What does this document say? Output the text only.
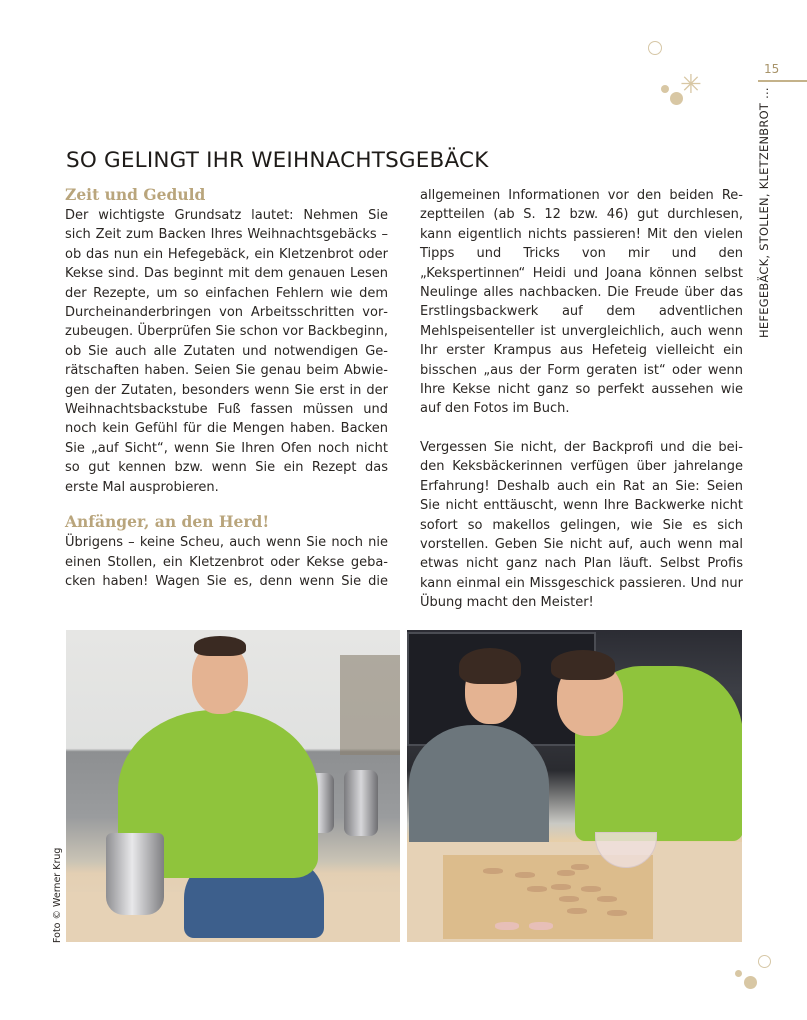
15
HEFEGEBÄCK, STOLLEN, KLETZENBROT ...
✳
SO GELINGT IHR WEIHNACHTSGEBÄCK
Zeit und Geduld

Der wichtigste Grundsatz lautet: Nehmen Sie sich Zeit zum Backen Ihres Weihnachtsgebäcks – ob das nun ein Hefegebäck, ein Kletzenbrot oder Kekse sind. Das beginnt mit dem genauen Lesen der Rezepte, um so einfachen Fehlern wie dem Durcheinanderbringen von Arbeitsschritten vorzubeugen. Überprüfen Sie schon vor Backbeginn, ob Sie auch alle Zutaten und notwendigen Gerätschaften haben. Seien Sie genau beim Abwiegen der Zutaten, besonders wenn Sie erst in der Weihnachtsbackstube Fuß fassen müssen und noch kein Gefühl für die Mengen haben. Backen Sie „auf Sicht“, wenn Sie Ihren Ofen noch nicht so gut kennen bzw. wenn Sie ein Rezept das erste Mal ausprobieren.

Anfänger, an den Herd!

Übrigens – keine Scheu, auch wenn Sie noch nie einen Stollen, ein Kletzenbrot oder Kekse gebacken haben! Wagen Sie es, denn wenn Sie die

allgemeinen Informationen vor den beiden Rezeptteilen (ab S. 12 bzw. 46) gut durchlesen, kann eigentlich nichts passieren! Mit den vielen Tipps und Tricks von mir und den „Kekspertinnen“ Heidi und Joana können selbst Neulinge alles nachbacken. Die Freude über das Erstlingsbackwerk auf dem adventlichen Mehlspeisenteller ist unvergleichlich, auch wenn Ihr erster Krampus aus Hefeteig vielleicht ein bisschen „aus der Form geraten ist“ oder wenn Ihre Kekse nicht ganz so perfekt aussehen wie auf den Fotos im Buch.

Vergessen Sie nicht, der Backprofi und die beiden Keksbäckerinnen verfügen über jahrelange Erfahrung! Deshalb auch ein Rat an Sie: Seien Sie nicht enttäuscht, wenn Ihre Backwerke nicht sofort so makellos gelingen, wie Sie es sich vorstellen. Geben Sie nicht auf, auch wenn mal etwas nicht ganz nach Plan läuft. Selbst Profis kann einmal ein Missgeschick passieren. Und nur Übung macht den Meister!

Foto © Werner Krug
